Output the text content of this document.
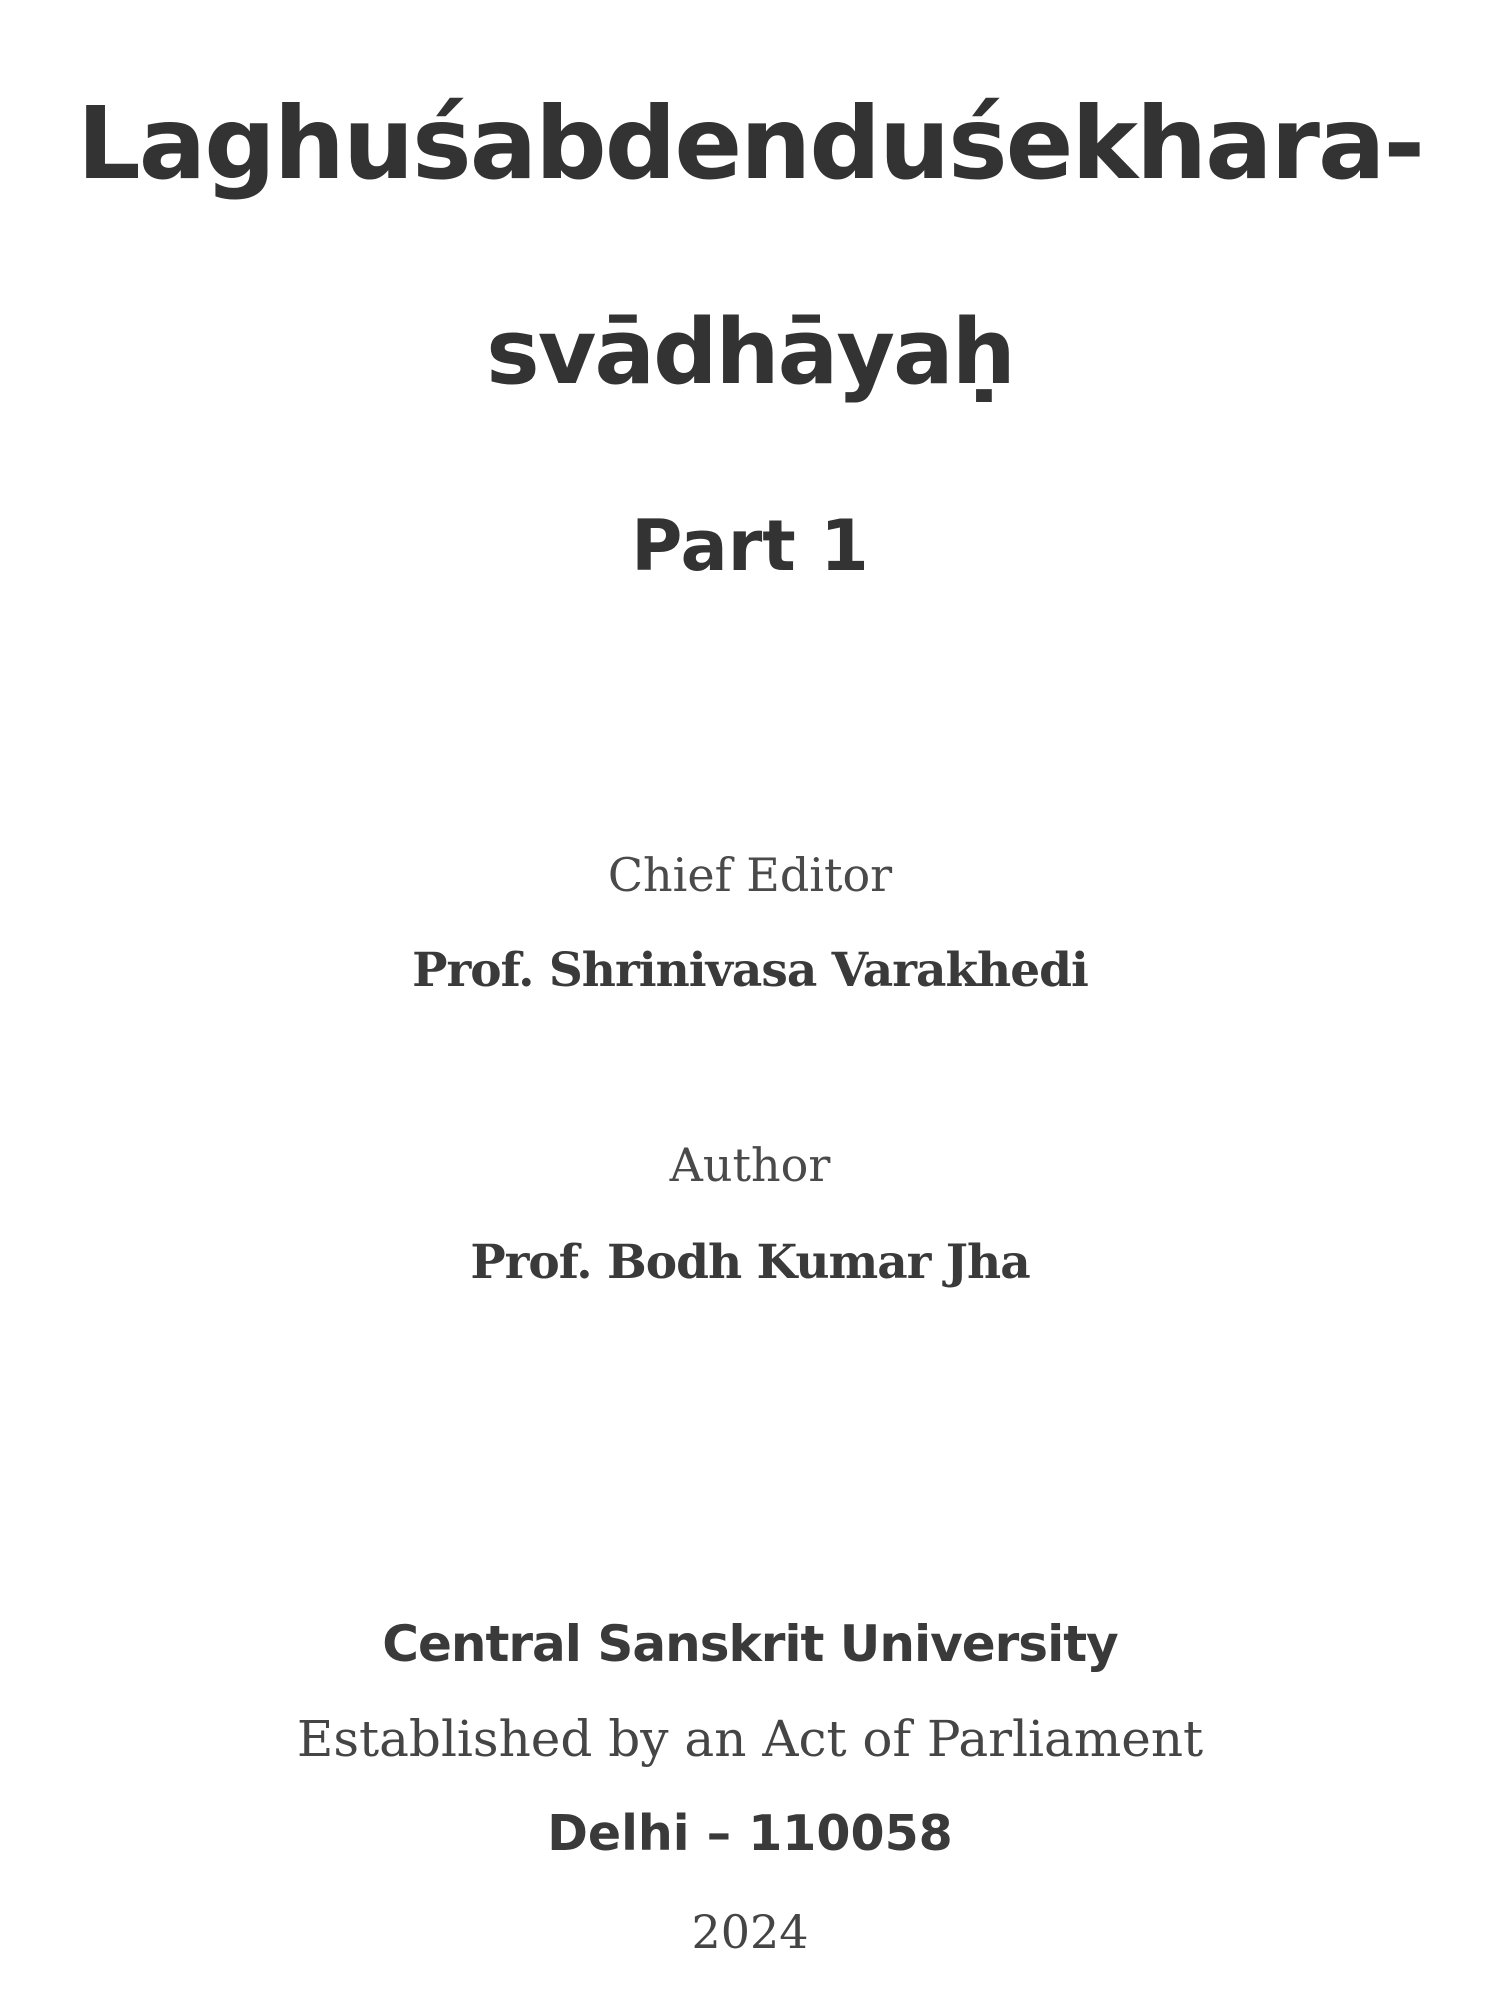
Laghuśabdenduśekhara-
svādhāyaḥ
Part 1
Chief Editor
Prof. Shrinivasa Varakhedi
Author
Prof. Bodh Kumar Jha
Central Sanskrit University
Established by an Act of Parliament
Delhi – 110058
2024
